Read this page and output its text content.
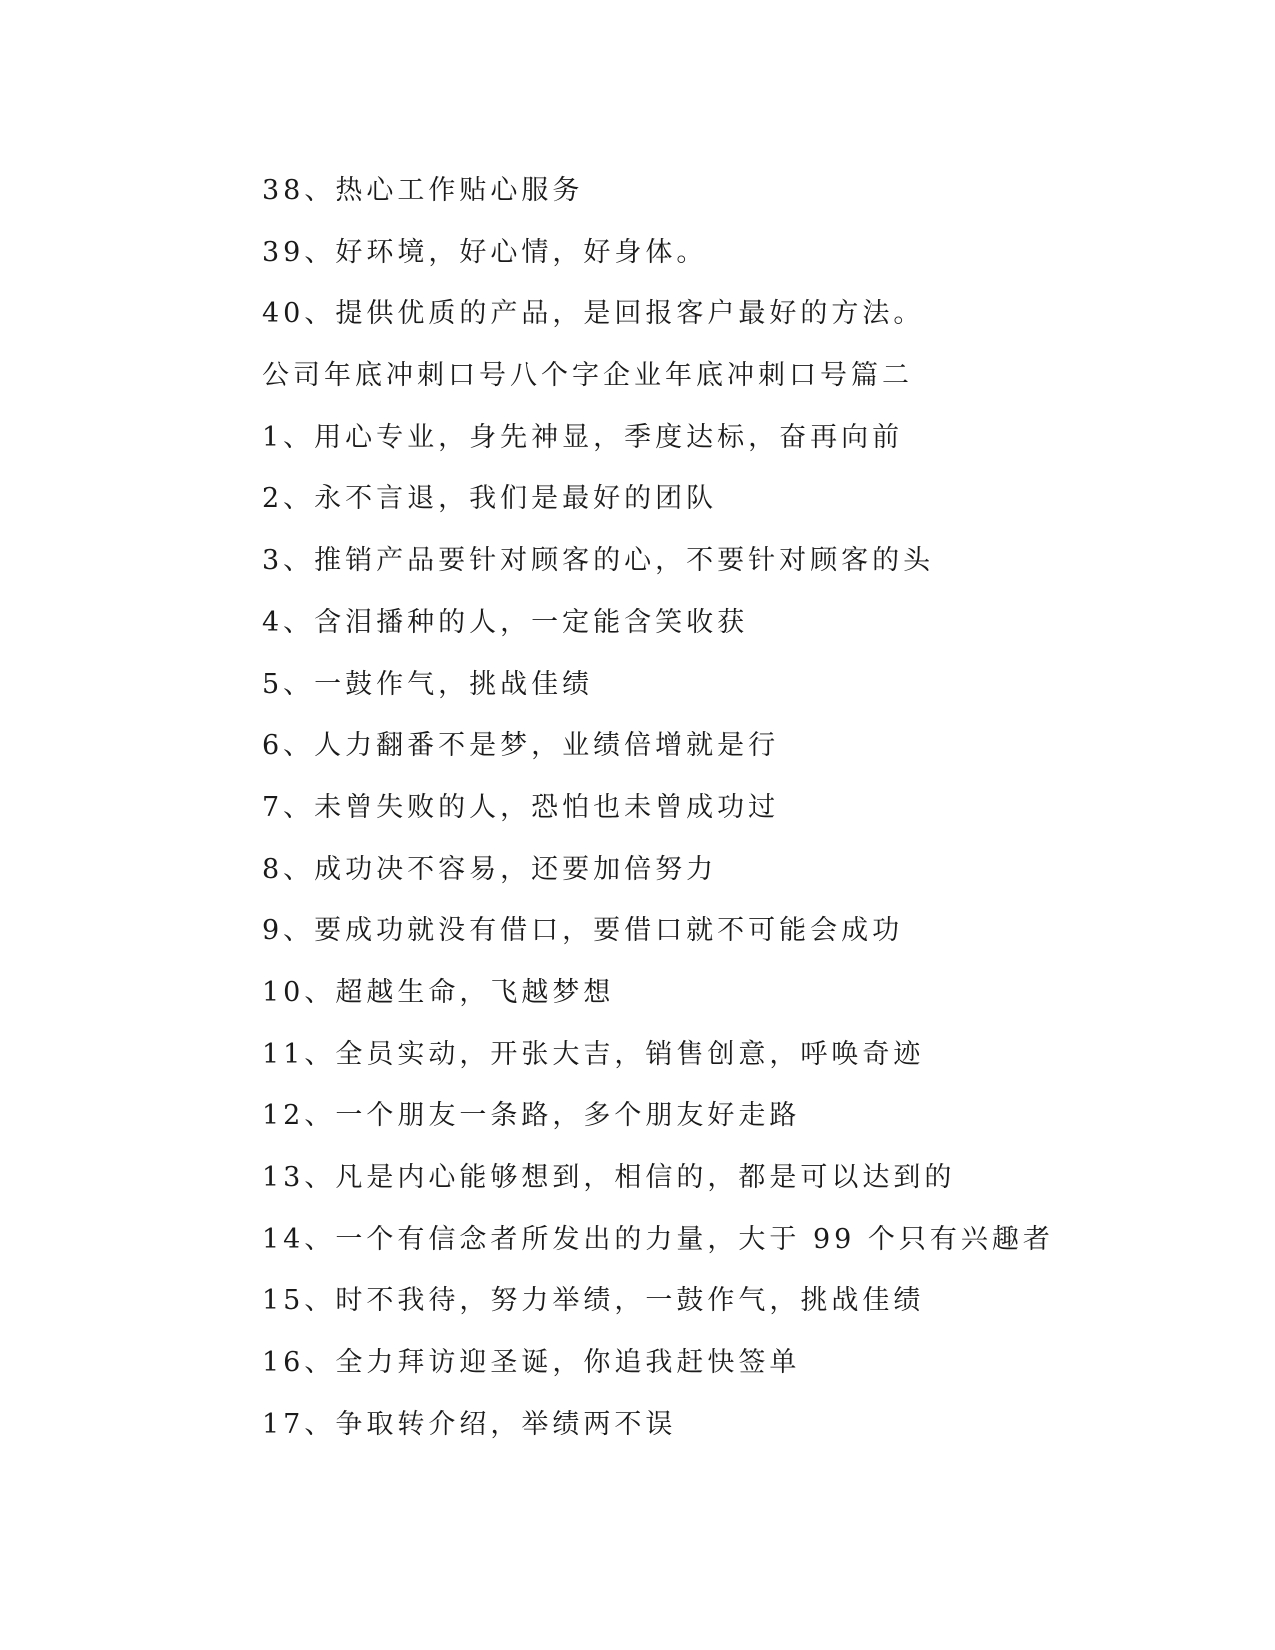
38、热心工作贴心服务
39、好环境，好心情，好身体。
40、提供优质的产品，是回报客户最好的方法。
公司年底冲刺口号八个字企业年底冲刺口号篇二
1、用心专业，身先神显，季度达标，奋再向前
2、永不言退，我们是最好的团队
3、推销产品要针对顾客的心，不要针对顾客的头
4、含泪播种的人，一定能含笑收获
5、一鼓作气，挑战佳绩
6、人力翻番不是梦，业绩倍增就是行
7、未曾失败的人，恐怕也未曾成功过
8、成功决不容易，还要加倍努力
9、要成功就没有借口，要借口就不可能会成功
10、超越生命，飞越梦想
11、全员实动，开张大吉，销售创意，呼唤奇迹
12、一个朋友一条路，多个朋友好走路
13、凡是内心能够想到，相信的，都是可以达到的
14、一个有信念者所发出的力量，大于 99 个只有兴趣者
15、时不我待，努力举绩，一鼓作气，挑战佳绩
16、全力拜访迎圣诞，你追我赶快签单
17、争取转介绍，举绩两不误
